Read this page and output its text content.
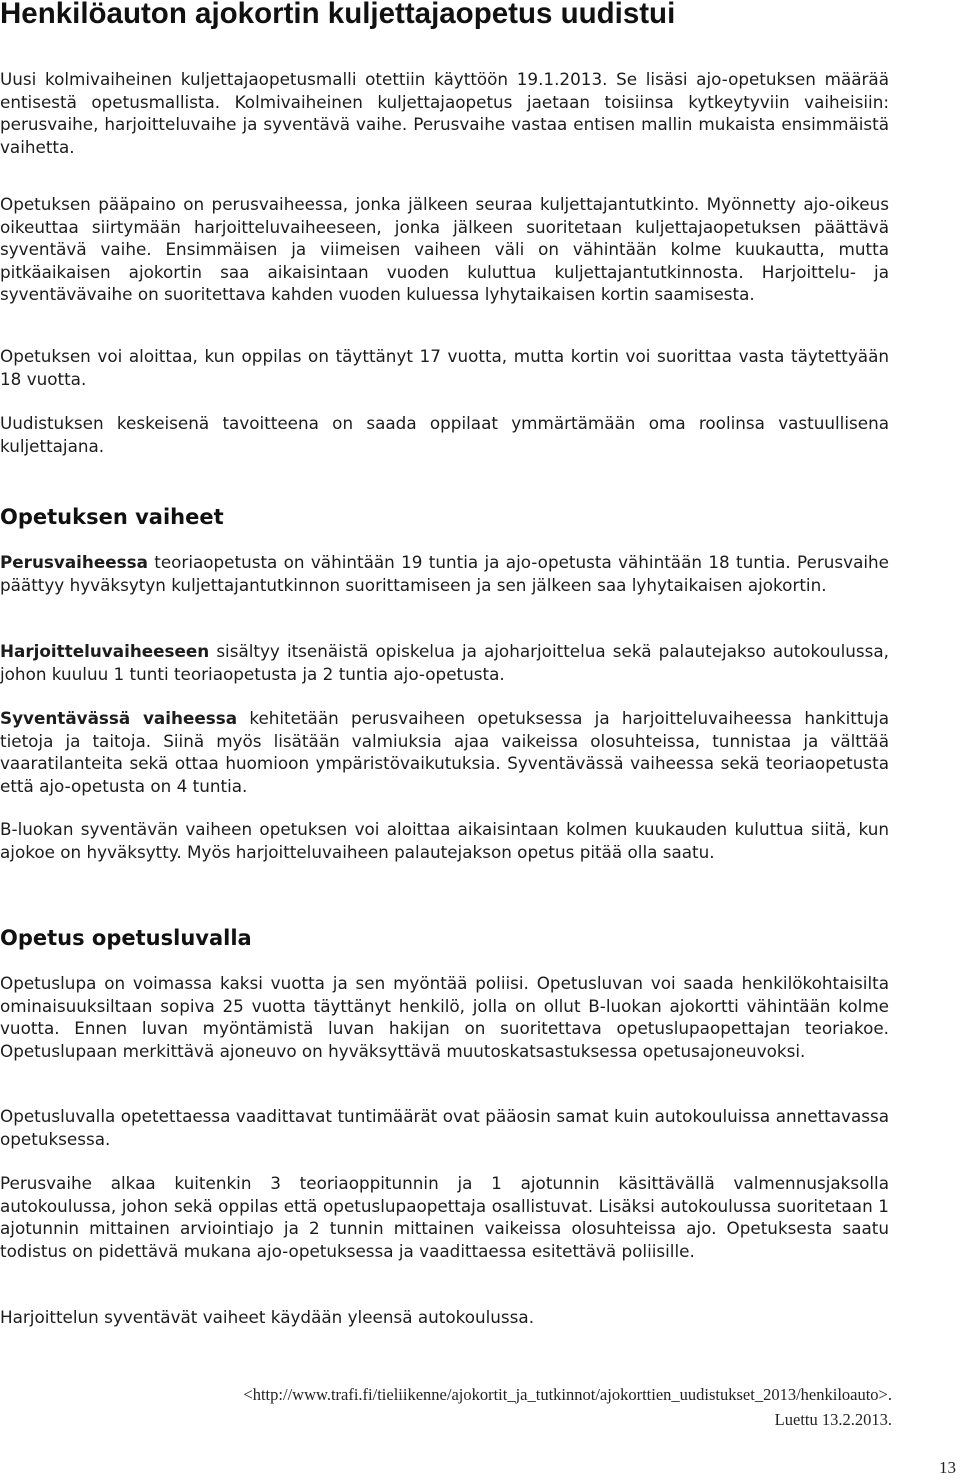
Henkilöauton ajokortin kuljettajaopetus uudistui

Uusi kolmivaiheinen kuljettajaopetusmalli otettiin käyttöön 19.1.2013. Se lisäsi ajo-opetuksen määrää entisestä opetusmallista. Kolmivaiheinen kuljettajaopetus jaetaan toisiinsa kytkeytyviin vaiheisiin: perusvaihe, harjoitteluvaihe ja syventävä vaihe. Perusvaihe vastaa entisen mallin mukaista ensimmäistä vaihetta.

Opetuksen pääpaino on perusvaiheessa, jonka jälkeen seuraa kuljettajantutkinto. Myönnetty ajo-oikeus oikeuttaa siirtymään harjoitteluvaiheeseen, jonka jälkeen suoritetaan kuljettajaopetuksen päättävä syventävä vaihe. Ensimmäisen ja viimeisen vaiheen väli on vähintään kolme kuukautta, mutta pitkäaikaisen ajokortin saa aikaisintaan vuoden kuluttua kuljettajantutkinnosta. Harjoittelu- ja syventävävaihe on suoritettava kahden vuoden kuluessa lyhytaikaisen kortin saamisesta.

Opetuksen voi aloittaa, kun oppilas on täyttänyt 17 vuotta, mutta kortin voi suorittaa vasta täytettyään 18 vuotta.

Uudistuksen keskeisenä tavoitteena on saada oppilaat ymmärtämään oma roolinsa vastuullisena kuljettajana.

Opetuksen vaiheet

Perusvaiheessa teoriaopetusta on vähintään 19 tuntia ja ajo-opetusta vähintään 18 tuntia. Perusvaihe päättyy hyväksytyn kuljettajantutkinnon suorittamiseen ja sen jälkeen saa lyhytaikaisen ajokortin.

Harjoitteluvaiheeseen sisältyy itsenäistä opiskelua ja ajoharjoittelua sekä palautejakso autokoulussa, johon kuuluu 1 tunti teoriaopetusta ja 2 tuntia ajo-opetusta.

Syventävässä vaiheessa kehitetään perusvaiheen opetuksessa ja harjoitteluvaiheessa hankittuja tietoja ja taitoja. Siinä myös lisätään valmiuksia ajaa vaikeissa olosuhteissa, tunnistaa ja välttää vaaratilanteita sekä ottaa huomioon ympäristövaikutuksia. Syventävässä vaiheessa sekä teoriaopetusta että ajo-opetusta on 4 tuntia.

B-luokan syventävän vaiheen opetuksen voi aloittaa aikaisintaan kolmen kuukauden kuluttua siitä, kun ajokoe on hyväksytty. Myös harjoitteluvaiheen palautejakson opetus pitää olla saatu.

Opetus opetusluvalla

Opetuslupa on voimassa kaksi vuotta ja sen myöntää poliisi. Opetusluvan voi saada henkilökohtaisilta ominaisuuksiltaan sopiva 25 vuotta täyttänyt henkilö, jolla on ollut B-luokan ajokortti vähintään kolme vuotta. Ennen luvan myöntämistä luvan hakijan on suoritettava opetuslupaopettajan teoriakoe. Opetuslupaan merkittävä ajoneuvo on hyväksyttävä muutoskatsastuksessa opetusajoneuvoksi.

Opetusluvalla opetettaessa vaadittavat tuntimäärät ovat pääosin samat kuin autokouluissa annettavassa opetuksessa.

Perusvaihe alkaa kuitenkin 3 teoriaoppitunnin ja 1 ajotunnin käsittävällä valmennusjaksolla autokoulussa, johon sekä oppilas että opetuslupaopettaja osallistuvat. Lisäksi autokoulussa suoritetaan 1 ajotunnin mittainen arviointiajo ja 2 tunnin mittainen vaikeissa olosuhteissa ajo. Opetuksesta saatu todistus on pidettävä mukana ajo-opetuksessa ja vaadittaessa esitettävä poliisille.

Harjoittelun syventävät vaiheet käydään yleensä autokoulussa.

<http://www.trafi.fi/tieliikenne/ajokortit_ja_tutkinnot/ajokorttien_uudistukset_2013/henkiloauto>.

Luettu 13.2.2013.

13
